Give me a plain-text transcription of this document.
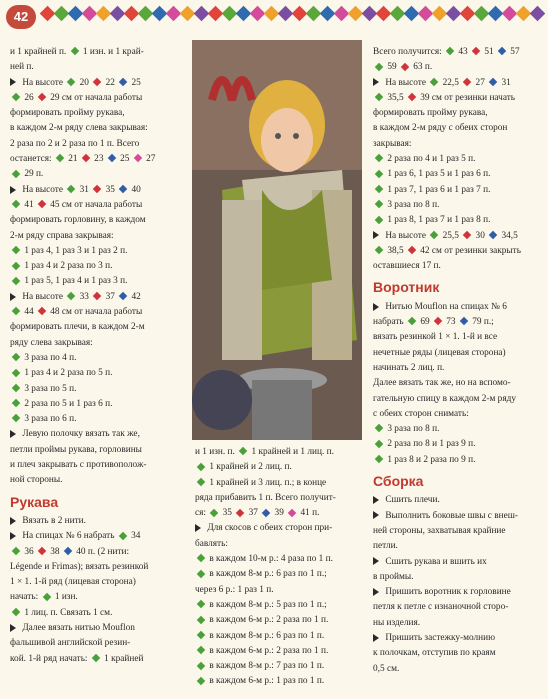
42

и 1 крайней п.  1 изн. и 1 край-

ней п.

На высоте  20  22  25

26  29 см от начала работы

формировать пройму рукава,

в каждом 2-м ряду слева закрывая:

2 раза по 2 и 2 раза по 1 п. Всего

останется:  21  23  25  27

29 п.

На высоте  31  35  40

41  45 см от начала работы

формировать горловину, в каждом

2-м ряду справа закрывая:

1 раз 4, 1 раз 3 и 1 раз 2 п.

1 раз 4 и 2 раза по 3 п.

1 раз 5, 1 раз 4 и 1 раз 3 п.

На высоте  33  37  42

44  48 см от начала работы

формировать плечи, в каждом 2-м

ряду слева закрывая:

3 раза по 4 п.

1 раз 4 и 2 раза по 5 п.

3 раза по 5 п.

2 раза по 5 и 1 раз 6 п.

3 раза по 6 п.

Левую полочку вязать так же,

петли проймы рукава, горловины

и плеч закрывать с противополож-

ной стороны.

Рукава

Вязать в 2 нити.

На спицах № 6 набрать  34

36  38  40 п. (2 нити:

Légende и Frimas); вязать резинкой

1 × 1. 1-й ряд (лицевая сторона)

начать:  1 изн.

1 лиц. п. Связать 1 см.

Далее вязать нитью Mouflon

фальшивой английской резин-

кой. 1-й ряд начать:  1 крайней

и 1 изн. п.  1 крайней и 1 лиц. п.

1 крайней и 2 лиц. п.

1 крайней и 3 лиц. п.; в конце

ряда прибавить 1 п. Всего получит-

ся:  35  37  39  41 п.

Для скосов с обеих сторон при-

бавлять:

в каждом 10-м р.: 4 раза по 1 п.

в каждом 8-м р.: 6 раз по 1 п.;

через 6 р.: 1 раз 1 п.

в каждом 8-м р.: 5 раз по 1 п.;

в каждом 6-м р.: 2 раза по 1 п.

в каждом 8-м р.: 6 раз по 1 п.

в каждом 6-м р.: 2 раза по 1 п.

в каждом 8-м р.: 7 раз по 1 п.

в каждом 6-м р.: 1 раз по 1 п.

Всего получится:  43  51  57

59  63 п.

На высоте  22,5  27  31

35,5  39 см от резинки начать

формировать пройму рукава,

в каждом 2-м ряду с обеих сторон закрывая:

2 раза по 4 и 1 раз 5 п.

1 раз 6, 1 раз 5 и 1 раз 6 п.

1 раз 7, 1 раз 6 и 1 раз 7 п.

3 раза по 8 п.

1 раз 8, 1 раз 7 и 1 раз 8 п.

На высоте  25,5  30  34,5

38,5  42 см от резинки закрыть

оставшиеся 17 п.

Воротник

Нитью Mouflon на спицах № 6

набрать  69  73  79 п.;

вязать резинкой 1 × 1. 1-й и все

нечетные ряды (лицевая сторона)

начинать 2 лиц. п.

Далее вязать так же, но на вспомо-

гательную спицу в каждом 2-м ряду

с обеих сторон снимать:

3 раза по 8 п.

2 раза по 8 и 1 раз 9 п.

1 раз 8 и 2 раза по 9 п.

Сборка

Сшить плечи.

Выполнить боковые швы с внеш-

ней стороны, захватывая крайние

петли.

Сшить рукава и вшить их

в проймы.

Пришить воротник к горловине

петля к петле с изнаночной сторо-

ны изделия.

Пришить застежку-молнию

к полочкам, отступив по краям

0,5 см.
